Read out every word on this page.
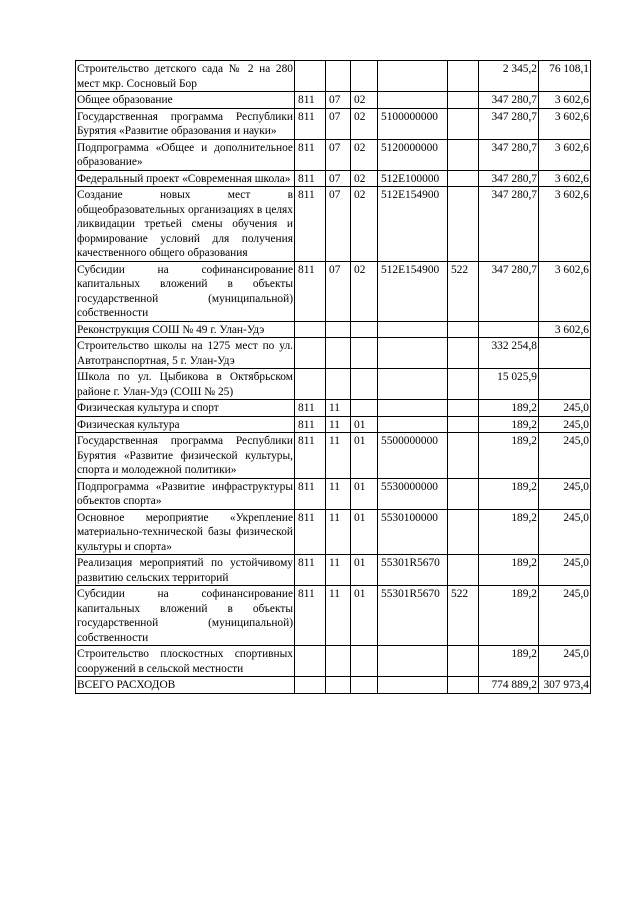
Строительство детского сада № 2 на 280 мест мкр. Сосновый Бор						2 345,2	76 108,1
Общее образование	811	07	02			347 280,7	3 602,6
Государственная программа Республики Бурятия «Развитие образования и науки»	811	07	02	5100000000		347 280,7	3 602,6
Подпрограмма «Общее и дополнительное образование»	811	07	02	5120000000		347 280,7	3 602,6
Федеральный проект «Современная школа»	811	07	02	512E100000		347 280,7	3 602,6
Создание новых мест в общеобразовательных организациях в целях ликвидации третьей смены обучения и формирование условий для получения качественного общего образования	811	07	02	512E154900		347 280,7	3 602,6
Субсидии на софинансирование капитальных вложений в объекты государственной (муниципальной) собственности	811	07	02	512E154900	522	347 280,7	3 602,6
Реконструкция СОШ № 49 г. Улан-Удэ							3 602,6
Строительство школы на 1275 мест по ул. Автотранспортная, 5 г. Улан-Удэ						332 254,8	
Школа по ул. Цыбикова в Октябрьском районе г. Улан-Удэ (СОШ № 25)						15 025,9	
Физическая культура и спорт	811	11				189,2	245,0
Физическая культура	811	11	01			189,2	245,0
Государственная программа Республики Бурятия «Развитие физической культуры, спорта и молодежной политики»	811	11	01	5500000000		189,2	245,0
Подпрограмма «Развитие инфраструктуры объектов спорта»	811	11	01	5530000000		189,2	245,0
Основное мероприятие «Укрепление материально-технической базы физической культуры и спорта»	811	11	01	5530100000		189,2	245,0
Реализация мероприятий по устойчивому развитию сельских территорий	811	11	01	55301R5670		189,2	245,0
Субсидии на софинансирование капитальных вложений в объекты государственной (муниципальной) собственности	811	11	01	55301R5670	522	189,2	245,0
Строительство плоскостных спортивных сооружений в сельской местности						189,2	245,0
ВСЕГО РАСХОДОВ						774 889,2	307 973,4
